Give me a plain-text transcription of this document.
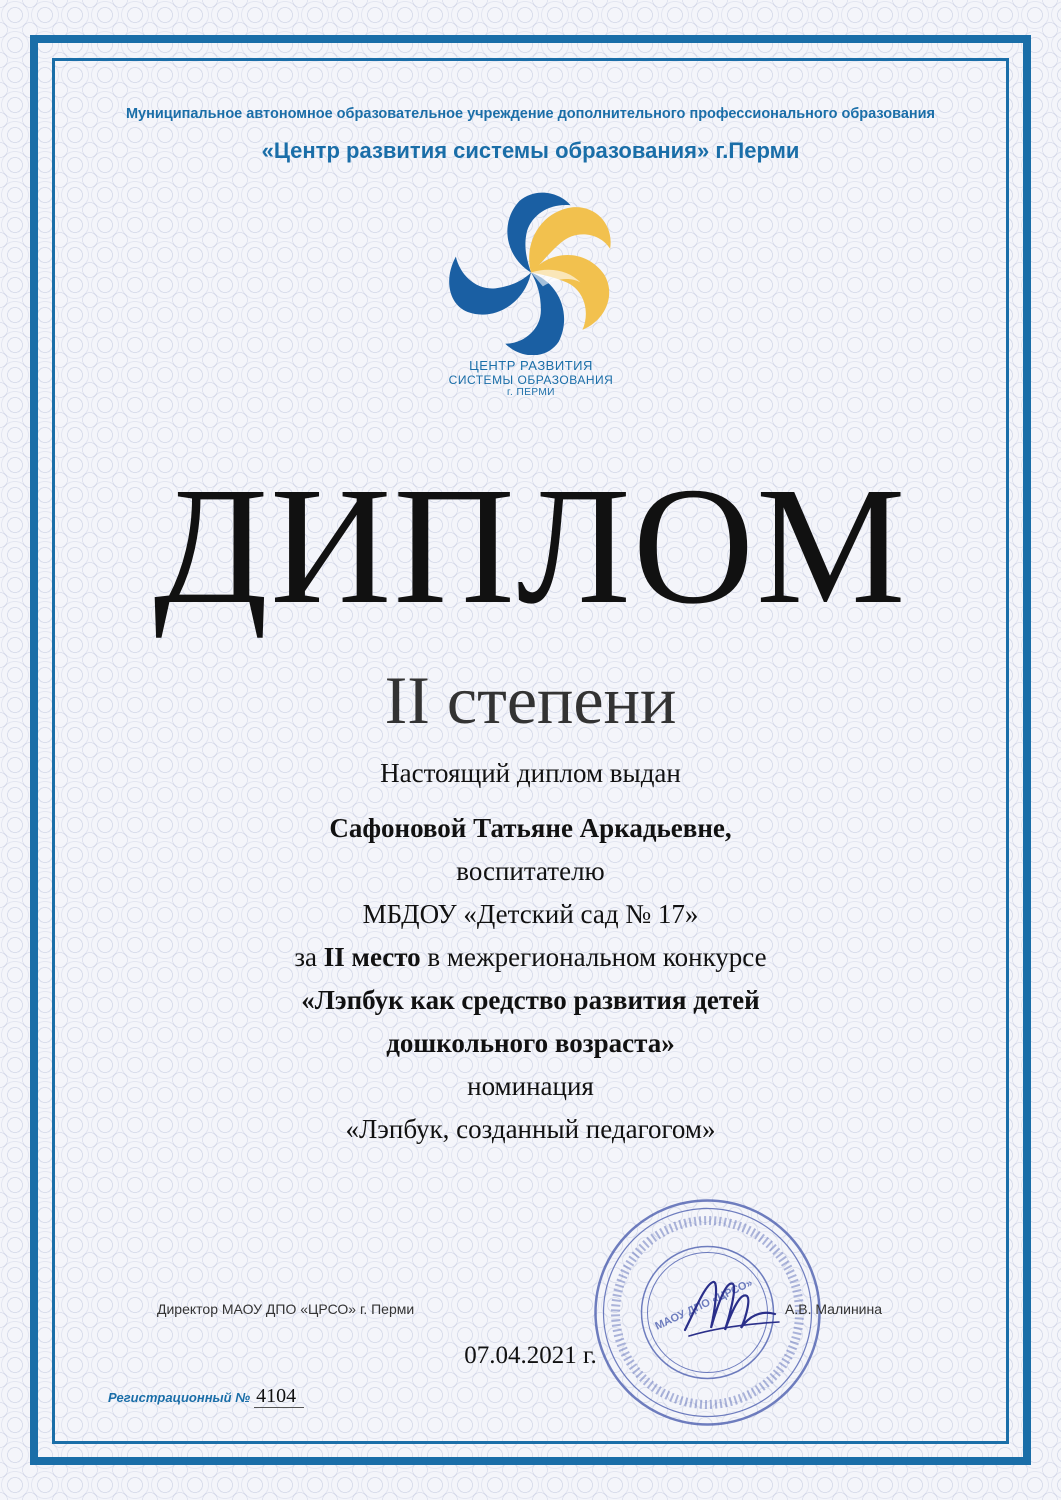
Муниципальное автономное образовательное учреждение дополнительного профессионального образования
«Центр развития системы образования» г.Перми
ЦЕНТР РАЗВИТИЯ
СИСТЕМЫ ОБРАЗОВАНИЯ
г. ПЕРМИ
ДИПЛОМ
II степени
Настоящий диплом выдан
Сафоновой Татьяне Аркадьевне,
воспитателю
МБДОУ «Детский сад № 17»
за II место в межрегиональном конкурсе
«Лэпбук как средство развития детей
дошкольного возраста»
номинация
«Лэпбук, созданный педагогом»
Директор МАОУ ДПО «ЦРСО» г. Перми	МАОУ ДПО «ЦРСО» А.В. Малинина
07.04.2021 г.
Регистрационный № 4104
